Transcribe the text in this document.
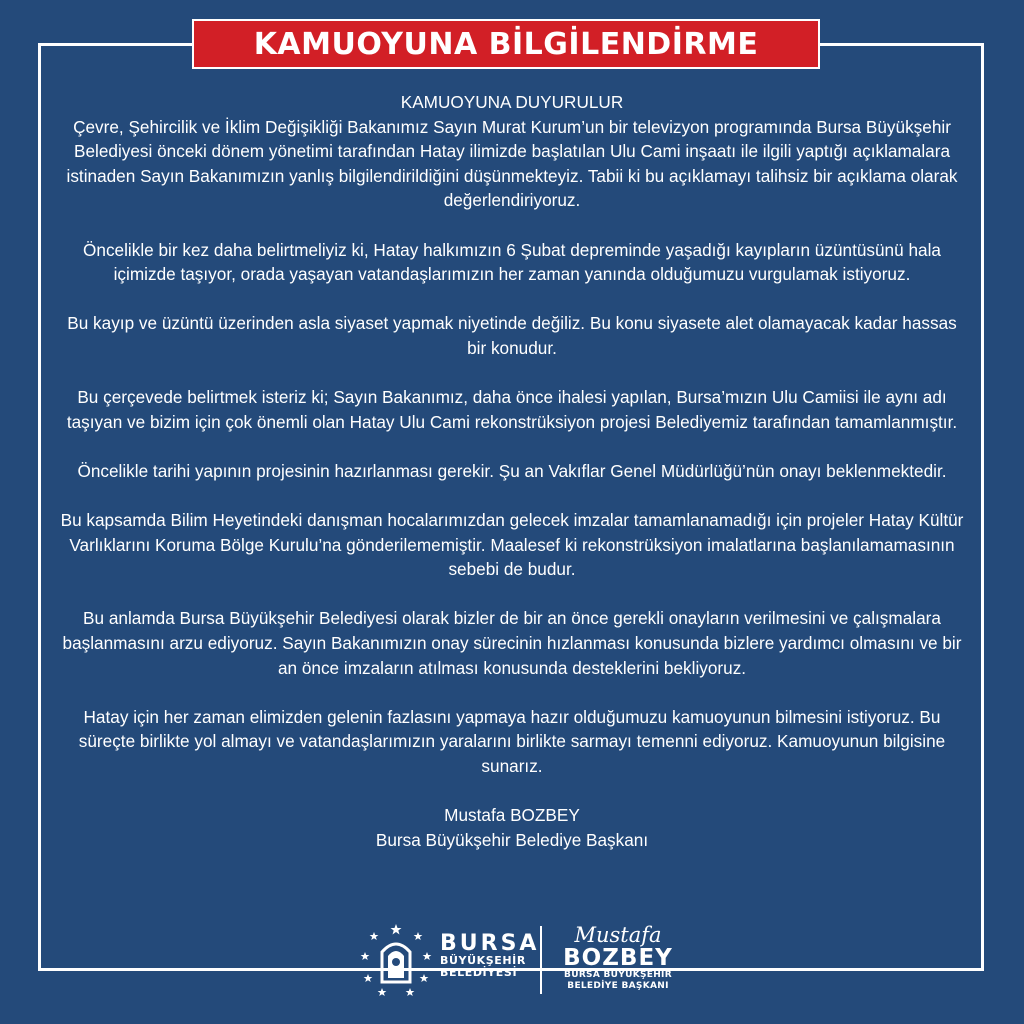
KAMUOYUNA BİLGİLENDİRME
KAMUOYUNA DUYURULUR

Çevre, Şehircilik ve İklim Değişikliği Bakanımız Sayın Murat Kurum’un bir televizyon programında Bursa Büyükşehir Belediyesi önceki dönem yönetimi tarafından Hatay ilimizde başlatılan Ulu Cami inşaatı ile ilgili yaptığı açıklamalara istinaden Sayın Bakanımızın yanlış bilgilendirildiğini düşünmekteyiz. Tabii ki bu açıklamayı talihsiz bir açıklama olarak değerlendiriyoruz.

Öncelikle bir kez daha belirtmeliyiz ki, Hatay halkımızın 6 Şubat depreminde yaşadığı kayıpların üzüntüsünü hala içimizde taşıyor, orada yaşayan vatandaşlarımızın her zaman yanında olduğumuzu vurgulamak istiyoruz.

Bu kayıp ve üzüntü üzerinden asla siyaset yapmak niyetinde değiliz. Bu konu siyasete alet olamayacak kadar hassas bir konudur.

Bu çerçevede belirtmek isteriz ki; Sayın Bakanımız, daha önce ihalesi yapılan, Bursa’mızın Ulu Camiisi ile aynı adı taşıyan ve bizim için çok önemli olan Hatay Ulu Cami rekonstrüksiyon projesi Belediyemiz tarafından tamamlanmıştır.

Öncelikle tarihi yapının projesinin hazırlanması gerekir. Şu an Vakıflar Genel Müdürlüğü’nün onayı beklenmektedir.

Bu kapsamda Bilim Heyetindeki danışman hocalarımızdan gelecek imzalar tamamlanamadığı için projeler Hatay Kültür Varlıklarını Koruma Bölge Kurulu’na gönderilememiştir. Maalesef ki rekonstrüksiyon imalatlarına başlanılamamasının sebebi de budur.

Bu anlamda Bursa Büyükşehir Belediyesi olarak bizler de bir an önce gerekli onayların verilmesini ve çalışmalara başlanmasını arzu ediyoruz. Sayın Bakanımızın onay sürecinin hızlanması konusunda bizlere yardımcı olmasını ve bir an önce imzaların atılması konusunda desteklerini bekliyoruz.

Hatay için her zaman elimizden gelenin fazlasını yapmaya hazır olduğumuzu kamuoyunun bilmesini istiyoruz. Bu süreçte birlikte yol almayı ve vatandaşlarımızın yaralarını birlikte sarmayı temenni ediyoruz. Kamuoyunun bilgisine sunarız.

Mustafa BOZBEY
Bursa Büyükşehir Belediye Başkanı
BURSA
BÜYÜKŞEHİR
BELEDİYESİ
Mustafa
BOZBEY
BURSA BÜYÜKŞEHİR
BELEDİYE BAŞKANI
